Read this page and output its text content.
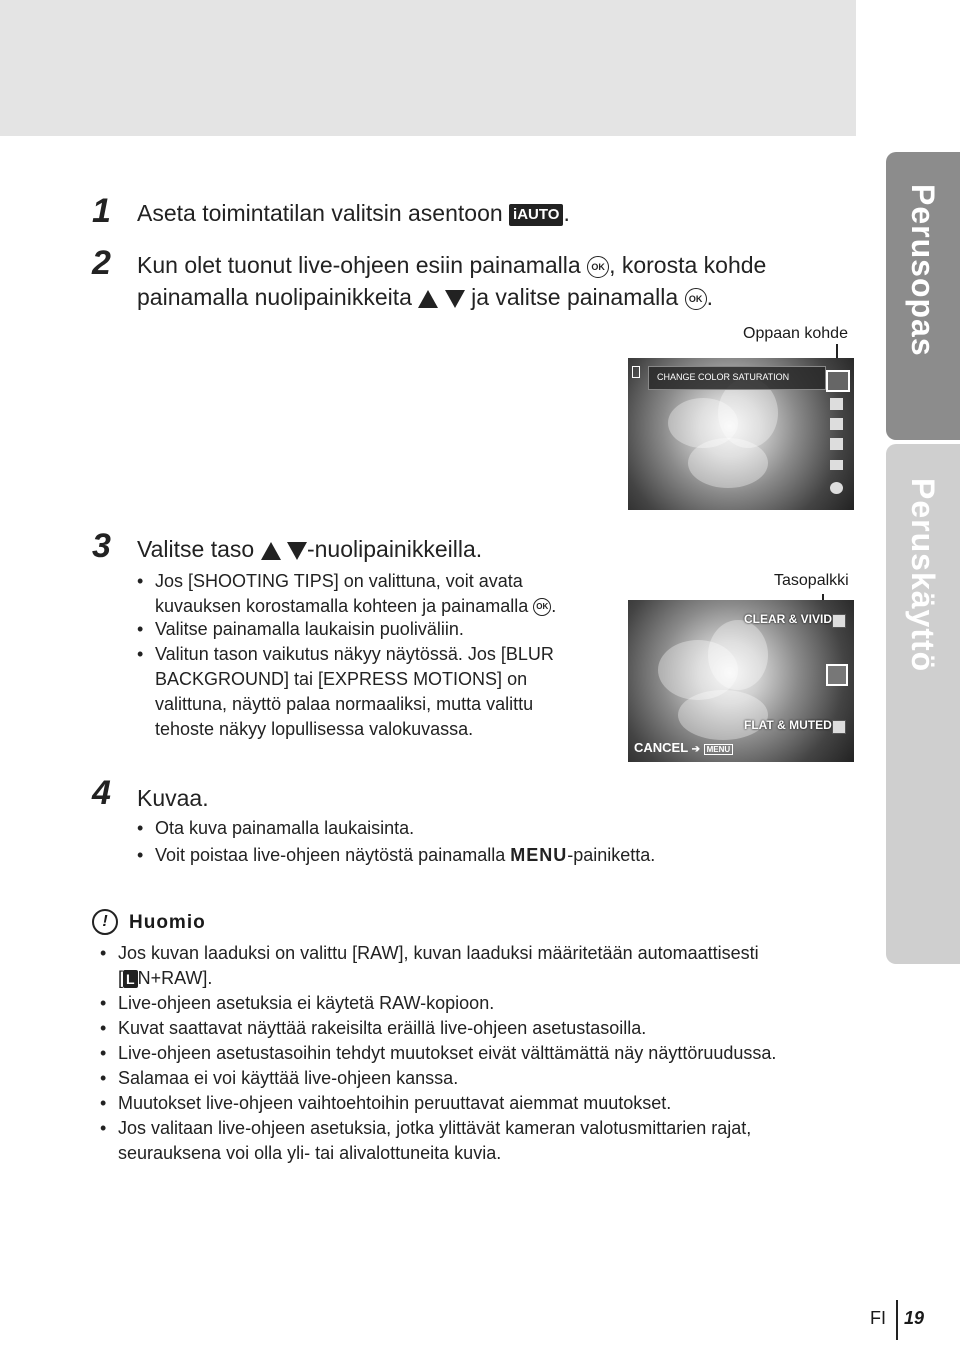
Perusopas
Peruskäyttö
1 Aseta toimintatilan valitsin asentoon iAUTO .
2 Kun olet tuonut live-ohjeen esiin painamalla OK , korosta kohde
painamalla nuolipainikkeita	ja valitse painamalla OK .
Oppaan kohde
CHANGE COLOR SATURATION
3 Valitse taso -nuolipainikkeilla.
• Jos [SHOOTING TIPS] on valittuna, voit avata
kuvauksen korostamalla kohteen ja painamalla OK .
• Valitse painamalla laukaisin puoliväliin.
• Valitun tason vaikutus näkyy näytössä. Jos [BLUR
BACKGROUND] tai [EXPRESS MOTIONS] on
valittuna, näyttö palaa normaaliksi, mutta valittu
tehoste näkyy lopullisessa valokuvassa.
Tasopalkki
CLEAR & VIVID
FLAT & MUTED
CANCEL ➔ MENU
4 Kuvaa.
• Ota kuva painamalla laukaisinta.
• Voit poistaa live-ohjeen näytöstä painamalla MENU-painiketta.
!	Huomio
• Jos kuvan laaduksi on valittu [RAW], kuvan laaduksi määritetään automaattisesti
[ L N+RAW].
• Live-ohjeen asetuksia ei käytetä RAW-kopioon.
• Kuvat saattavat näyttää rakeisilta eräillä live-ohjeen asetustasoilla.
• Live-ohjeen asetustasoihin tehdyt muutokset eivät välttämättä näy näyttöruudussa.
• Salamaa ei voi käyttää live-ohjeen kanssa.
• Muutokset live-ohjeen vaihtoehtoihin peruuttavat aiemmat muutokset.
• Jos valitaan live-ohjeen asetuksia, jotka ylittävät kameran valotusmittarien rajat,
seurauksena voi olla yli- tai alivalottuneita kuvia.
FI 19
